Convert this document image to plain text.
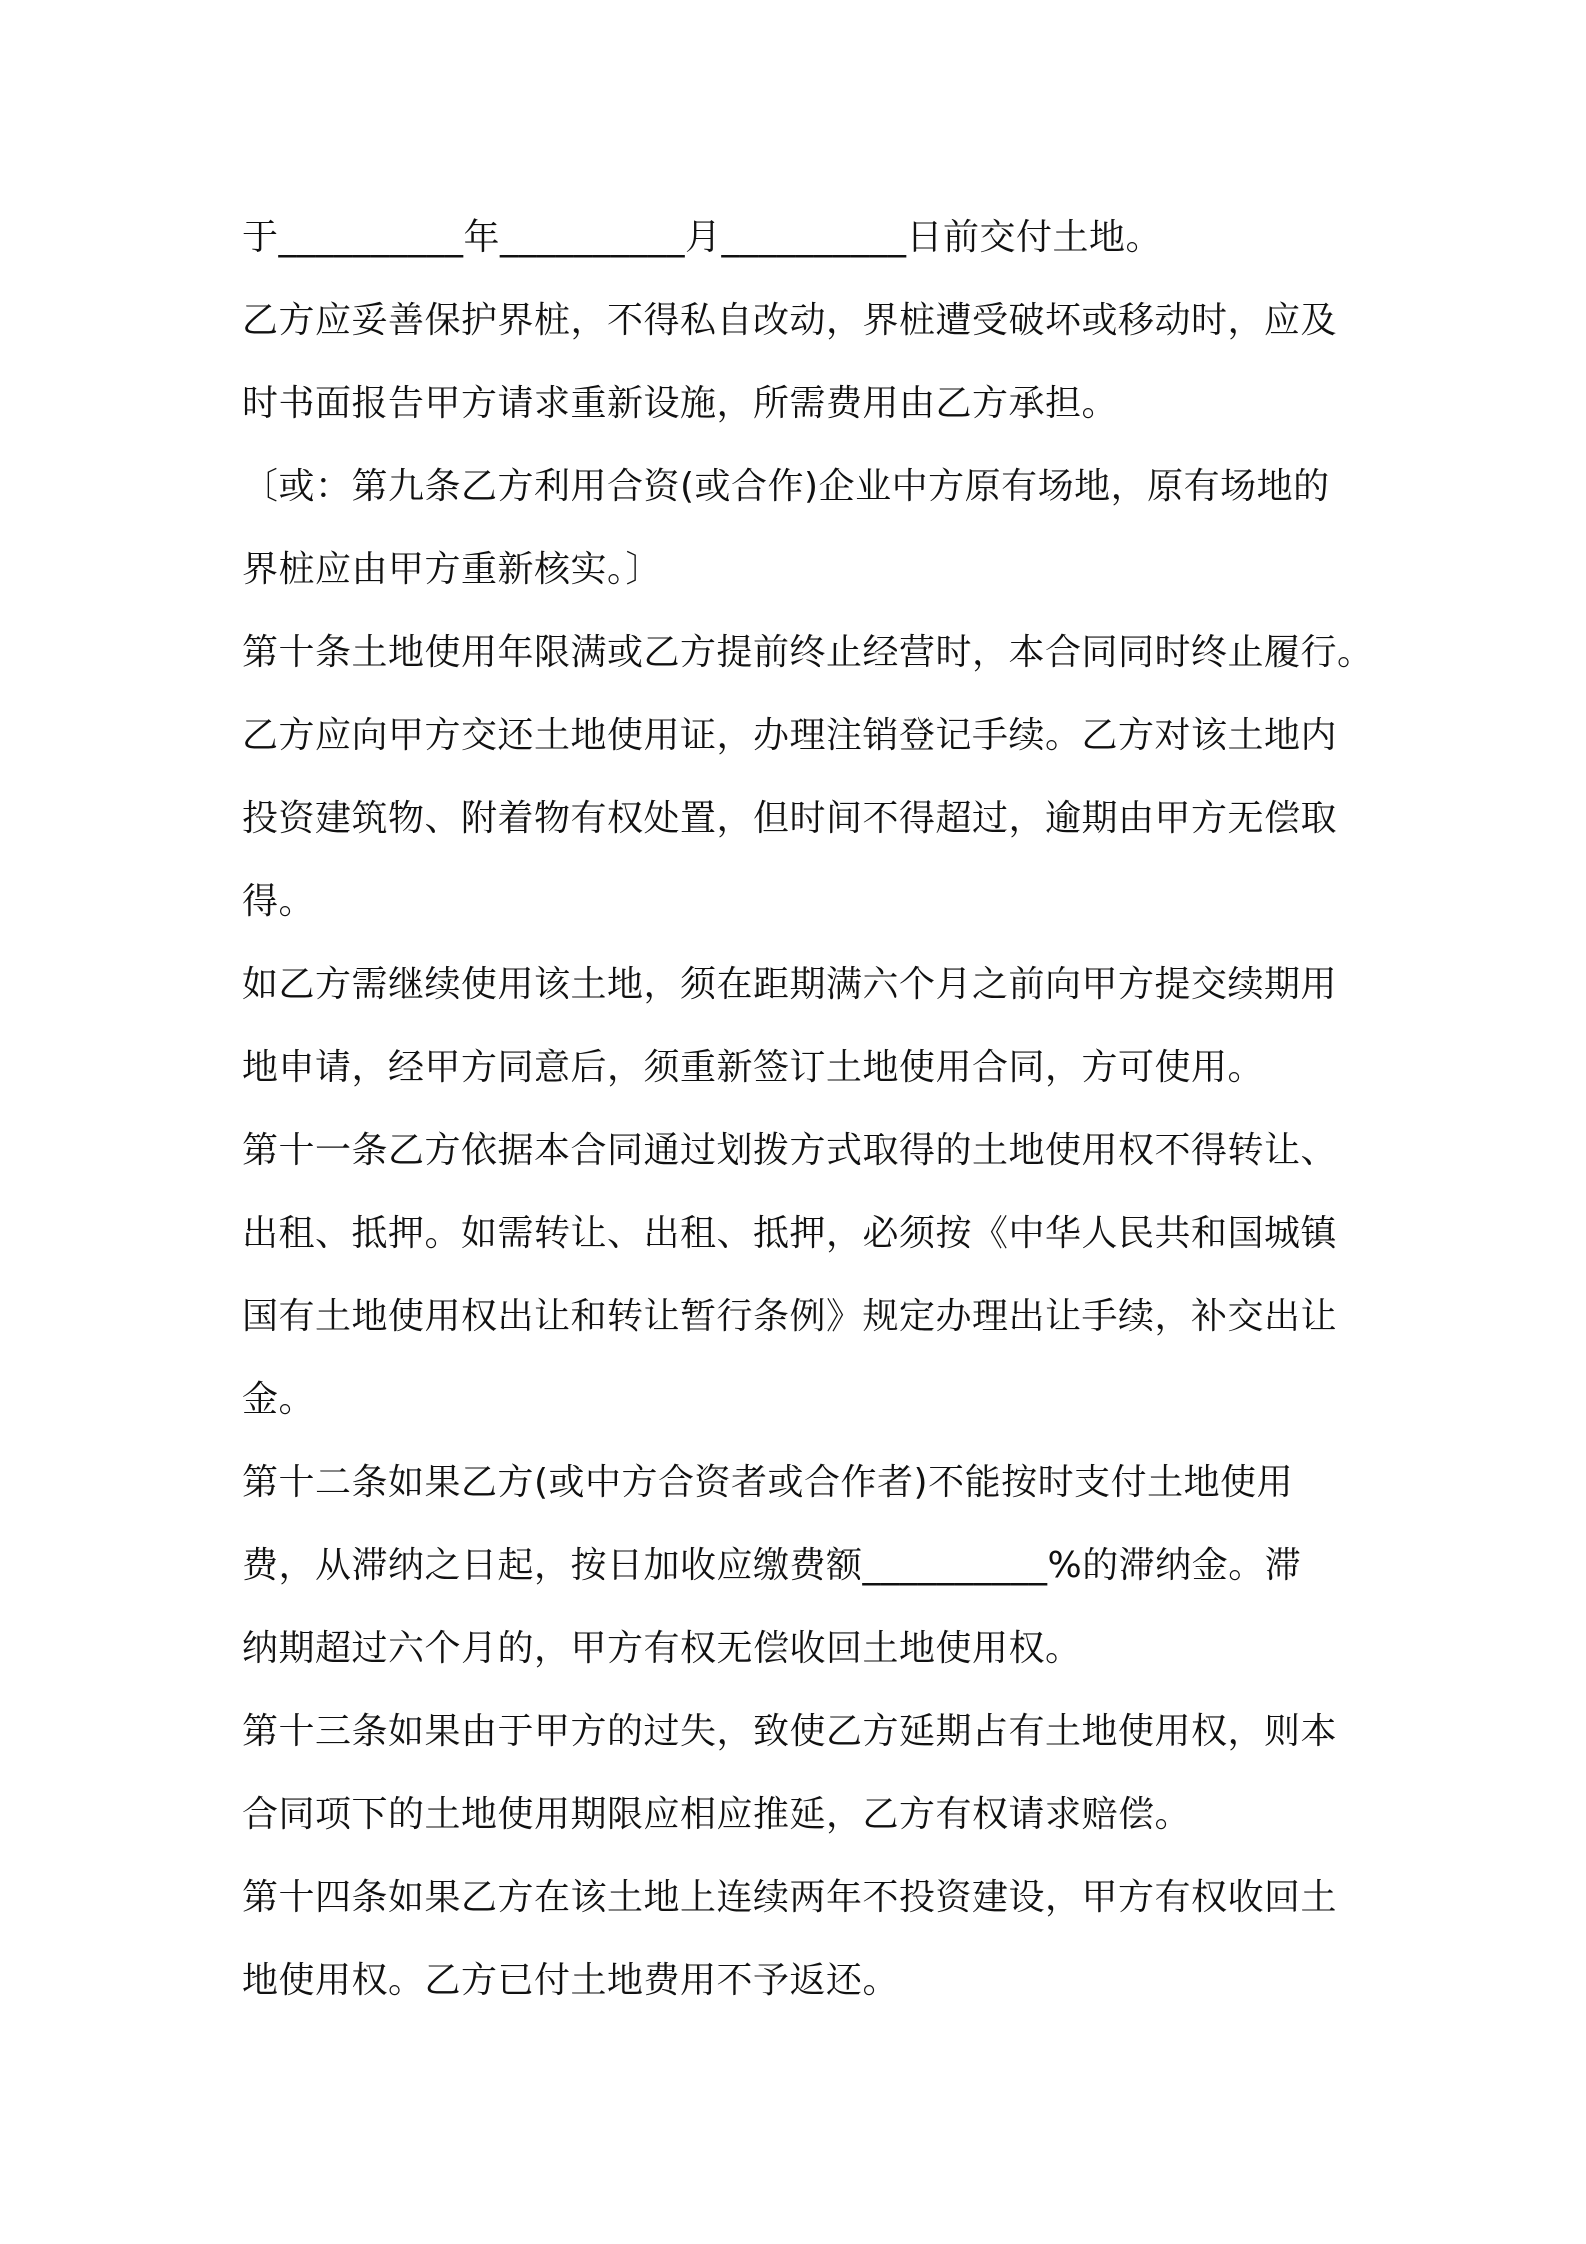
于__________年__________月__________日前交付土地。
乙方应妥善保护界桩，不得私自改动，界桩遭受破坏或移动时，应及
时书面报告甲方请求重新设施，所需费用由乙方承担。
〔或：第九条乙方利用合资(或合作)企业中方原有场地，原有场地的
界桩应由甲方重新核实。〕
第十条土地使用年限满或乙方提前终止经营时，本合同同时终止履行。
乙方应向甲方交还土地使用证，办理注销登记手续。乙方对该土地内
投资建筑物、附着物有权处置，但时间不得超过，逾期由甲方无偿取
得。
如乙方需继续使用该土地，须在距期满六个月之前向甲方提交续期用
地申请，经甲方同意后，须重新签订土地使用合同，方可使用。
第十一条乙方依据本合同通过划拨方式取得的土地使用权不得转让、
出租、抵押。如需转让、出租、抵押，必须按《中华人民共和国城镇
国有土地使用权出让和转让暂行条例》规定办理出让手续，补交出让
金。
第十二条如果乙方(或中方合资者或合作者)不能按时支付土地使用
费，从滞纳之日起，按日加收应缴费额__________%的滞纳金。滞
纳期超过六个月的，甲方有权无偿收回土地使用权。
第十三条如果由于甲方的过失，致使乙方延期占有土地使用权，则本
合同项下的土地使用期限应相应推延，乙方有权请求赔偿。
第十四条如果乙方在该土地上连续两年不投资建设，甲方有权收回土
地使用权。乙方已付土地费用不予返还。
